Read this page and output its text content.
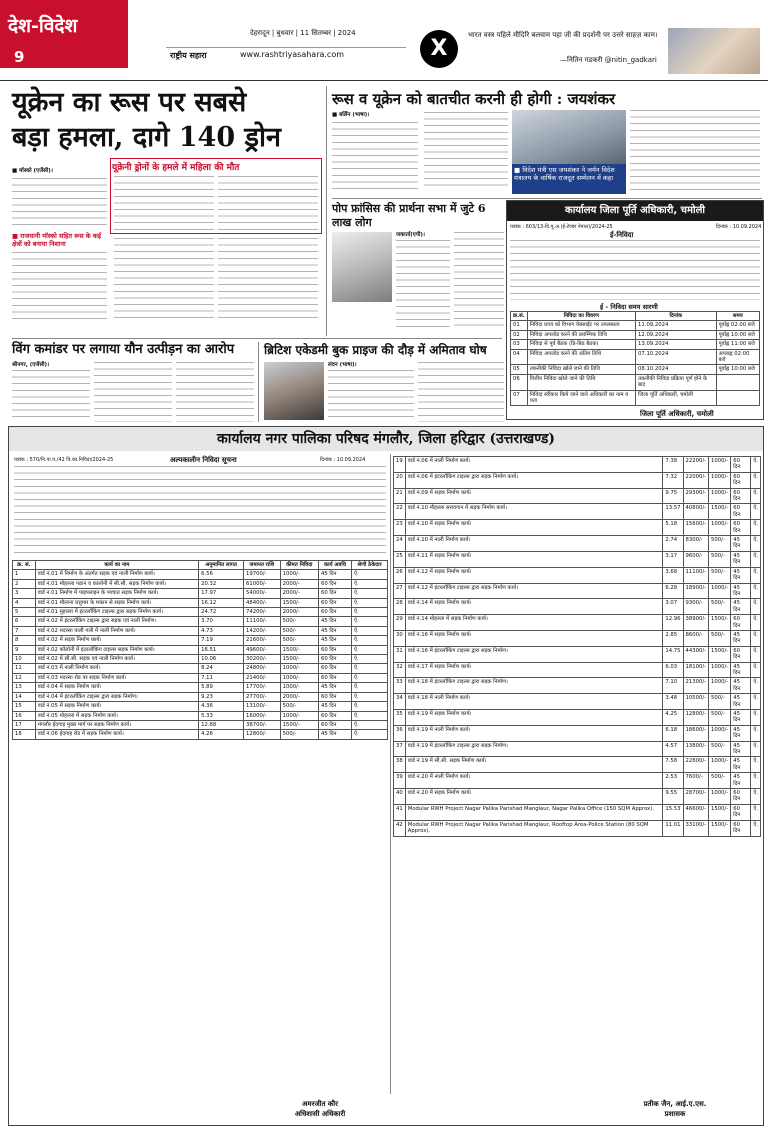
देश-विदेश
9
देहरादून | बुधवार | 11 सितम्बर | 2024
राष्ट्रीय सहारा	www.rashtriyasahara.com	X
भारत वस्त्र पहिले मौदिरि बलवाम पहा जी की प्रदर्शनी पर उत्तरे साहज़ काम।
—नितिन गडकरी @nitin_gadkari
यूक्रेन का रूस पर सबसे
बड़ा हमला, दागे 140 ड्रोन
■ मॉस्को (एजेंसी)।
■ राजधानी मॉस्को सहित रूस के कई क्षेत्रों को बनाया निशाना
यूक्रेनी ड्रोनों के हमले में महिला की मौत
रूस व यूक्रेन को बातचीत करनी ही होगी : जयशंकर
■ बर्लिन (भाषा)।
■ विदेश मंत्री एस जयशंकर ने जर्मन विदेश मंत्रालय के वार्षिक राजदूत सम्मेलन में कहा
पोप फ्रांसिस की प्रार्थना सभा में जुटे 6 लाख लोग
जकार्ता(एपी)।
कार्यालय जिला पूर्ति अधिकारी, चमोली
पत्रांक : 603/13-वि.पू.अ.(ई-टेण्डर नेपाल)/2024-25	दिनांक : 10.09.2024
ई-निविदा
ई - निविदा समय सारणी
क्र.सं.	निविदा का विवरण	दिनांक	समय
01	निविदा प्रपत्र को विभाग वेबसाईट पर उपलब्धता	11.09.2024	पूर्वाह्न 02.00 बजे
02	निविदा अपलोड करने की प्रारम्भिक तिथि	12.09.2024	पूर्वाह्न 10:00 बजे
03	निविदा से पूर्व बैठक (प्रि-बिड बैठक)	13.09.2024	पूर्वाह्न 11:00 बजे
04	निविदा अपलोड करने की अंतिम तिथि	07.10.2024	अपराह्न 02:00 बजे
05	तकनीकी निविदा खोले जाने की तिथि	08.10.2024	पूर्वाह्न 10:00 बजे
06	वित्तीय निविदा खोले जाने की तिथि	तकनीकी निविदा प्रक्रिया पूर्ण होने के बाद	
07	निविदा स्वीकार किये जाने वाले अधिकारी का नाम व पता	जिला पूर्ति अधिकारी, चमोली	
जिला पूर्ति अधिकारी, चमोली
विंग कमांडर पर लगाया यौन उत्पीड़न का आरोप
श्रीनगर, (एजेंसी)।
ब्रिटिश एकेडमी बुक प्राइज की दौड़ में अमिताव घोष
लंदन (भाषा)।
कार्यालय नगर पालिका परिषद मंगलौर, जिला हरिद्वार (उत्तराखण्ड)
पत्रांक : 570/नि.पा.प./42 वि.का.निविदा/2024-25	अल्पकालीन निविदा सूचना	दिनांक : 10.09.2024
क्र. सं.	कार्य का नाम	अनुमानित लागत	जमानत राशि	कीमत निविदा	कार्य अवधि	श्रेणी ठेकेदार
1	वार्ड नं.01 में निर्माण के अंतर्गत सड़क एवं नाली निर्माण कार्य।	6.56	19700/-	1000/-	45 दिन	ऐ.
2	वार्ड नं.01 मोहल्ला पठान व कालोनी में सी.सी. सड़क निर्माण कार्य।	20.32	61000/-	2000/-	60 दिन	ऐ.
3	वार्ड नं.01 निर्माण में पाइपलाइन के पश्चात सड़क निर्माण कार्य।	17.97	54000/-	2000/-	60 दिन	ऐ.
4	वार्ड नं.01 मौलाना प्रत्तुमार के मकान से सड़क निर्माण कार्य।	16.12	48400/-	1500/-	60 दिन	ऐ.
5	वार्ड नं.01 मुहल्ला में इंटरलॉकिंग टाइल्स द्वारा सड़क निर्माण कार्य।	24.72	74200/-	2000/-	60 दिन	ऐ.
6	वार्ड नं.02 में इंटरलॉकिंग टाइल्स द्वारा सड़क एवं नाली निर्माण।	3.70	11100/-	500/-	45 दिन	ऐ.
7	वार्ड नं.02 मदरसा वाली गली में नाली निर्माण कार्य।	4.73	14200/-	500/-	45 दिन	ऐ.
8	वार्ड नं.02 में सड़क निर्माण कार्य।	7.19	21600/-	500/-	45 दिन	ऐ.
9	वार्ड नं.02 कॉलोनी में इंटरलॉकिंग टाइल्स सड़क निर्माण कार्य।	16.51	49600/-	1500/-	60 दिन	ऐ.
10	वार्ड नं.02 में सी.सी. सड़क एवं नाली निर्माण कार्य।	10.06	30200/-	1500/-	60 दिन	ऐ.
11	वार्ड नं.03 में नाली निर्माण कार्य।	8.24	24800/-	1000/-	60 दिन	ऐ.
12	वार्ड नं.03 मदरसा रोड पर सड़क निर्माण कार्य।	7.11	21400/-	1000/-	60 दिन	ऐ.
13	वार्ड नं.04 में सड़क निर्माण कार्य।	5.89	17700/-	1000/-	45 दिन	ऐ.
14	वार्ड नं.04 में इंटरलॉकिंग टाइल्स द्वारा सड़क निर्माण।	9.23	27700/-	2000/-	60 दिन	ऐ.
15	वार्ड नं.05 में सड़क निर्माण कार्य।	4.36	13100/-	500/-	45 दिन	ऐ.
16	वार्ड नं.05 मोहल्ला में सड़क निर्माण कार्य।	5.33	16000/-	1000/-	60 दिन	ऐ.
17	मंगलौर ईदगाह मुख्य मार्ग पर सड़क निर्माण कार्य।	12.88	38700/-	1500/-	60 दिन	ऐ.
18	वार्ड नं.06 ईदगाह रोड में सड़क निर्माण कार्य।	4.26	12800/-	500/-	45 दिन	ऐ.
19	वार्ड नं.06 में नाली निर्माण कार्य।	7.38	22200/-	1000/-	60 दिन	ऐ.
20	वार्ड नं.06 में इंटरलॉकिंग टाइल्स द्वारा सड़क निर्माण कार्य।	7.32	22000/-	1000/-	60 दिन	ऐ.
21	वार्ड नं.09 में सड़क निर्माण कार्य।	9.75	29300/-	1000/-	60 दिन	ऐ.
22	वार्ड नं.10 मौहल्ला सरावगान में सड़क निर्माण कार्य।	13.57	40800/-	1500/-	60 दिन	ऐ.
23	वार्ड नं.10 में सड़क निर्माण कार्य।	5.18	15600/-	1000/-	60 दिन	ऐ.
24	वार्ड नं.10 में नाली निर्माण कार्य।	2.74	8300/-	500/-	45 दिन	ऐ.
25	वार्ड नं.11 में सड़क निर्माण कार्य।	3.17	9600/-	500/-	45 दिन	ऐ.
26	वार्ड नं.12 में सड़क निर्माण कार्य।	3.68	11100/-	500/-	45 दिन	ऐ.
27	वार्ड नं.12 में इंटरलॉकिंग टाइल्स द्वारा सड़क निर्माण कार्य।	6.28	18900/-	1000/-	45 दिन	ऐ.
28	वार्ड नं.14 में सड़क निर्माण कार्य।	3.07	9300/-	500/-	45 दिन	ऐ.
29	वार्ड नं.14 मोहल्ला में सड़क निर्माण कार्य।	12.96	38900/-	1500/-	60 दिन	ऐ.
30	वार्ड नं.16 में सड़क निर्माण कार्य।	2.85	8600/-	500/-	45 दिन	ऐ.
31	वार्ड नं.16 में इंटरलॉकिंग टाइल्स द्वारा सड़क निर्माण।	14.75	44300/-	1500/-	60 दिन	ऐ.
32	वार्ड नं.17 में सड़क निर्माण कार्य।	6.03	18100/-	1000/-	45 दिन	ऐ.
33	वार्ड नं.18 में इंटरलॉकिंग टाइल्स द्वारा सड़क निर्माण।	7.10	21300/-	1000/-	45 दिन	ऐ.
34	वार्ड नं.18 में नाली निर्माण कार्य।	3.48	10500/-	500/-	45 दिन	ऐ.
35	वार्ड नं.19 में सड़क निर्माण कार्य।	4.25	12800/-	500/-	45 दिन	ऐ.
36	वार्ड नं.19 में नाली निर्माण कार्य।	6.18	18600/-	1000/-	45 दिन	ऐ.
37	वार्ड नं.19 में इंटरलॉकिंग टाइल्स द्वारा सड़क निर्माण।	4.57	13800/-	500/-	45 दिन	ऐ.
38	वार्ड नं.19 में सी.सी. सड़क निर्माण कार्य।	7.58	22800/-	1000/-	45 दिन	ऐ.
39	वार्ड नं.20 में नाली निर्माण कार्य।	2.53	7600/-	500/-	45 दिन	ऐ.
40	वार्ड नं.20 में सड़क निर्माण कार्य।	9.55	28700/-	1000/-	60 दिन	ऐ.
41	Modular RWH Project Nagar Palika Parishad Manglaur, Nagar Palika Office (150 SQM Approx).	15.53	46600/-	1500/-	60 दिन	ऐ.
42	Modular RWH Project Nagar Palika Parishad Manglaur, Rooftop Area-Police Station (80 SQM Approx).	11.01	33100/-	1500/-	60 दिन	ऐ.
अमरजीत कौर
अधिशासी अधिकारी
प्रतीक जैन, आई.ए.एस.
प्रशासक
